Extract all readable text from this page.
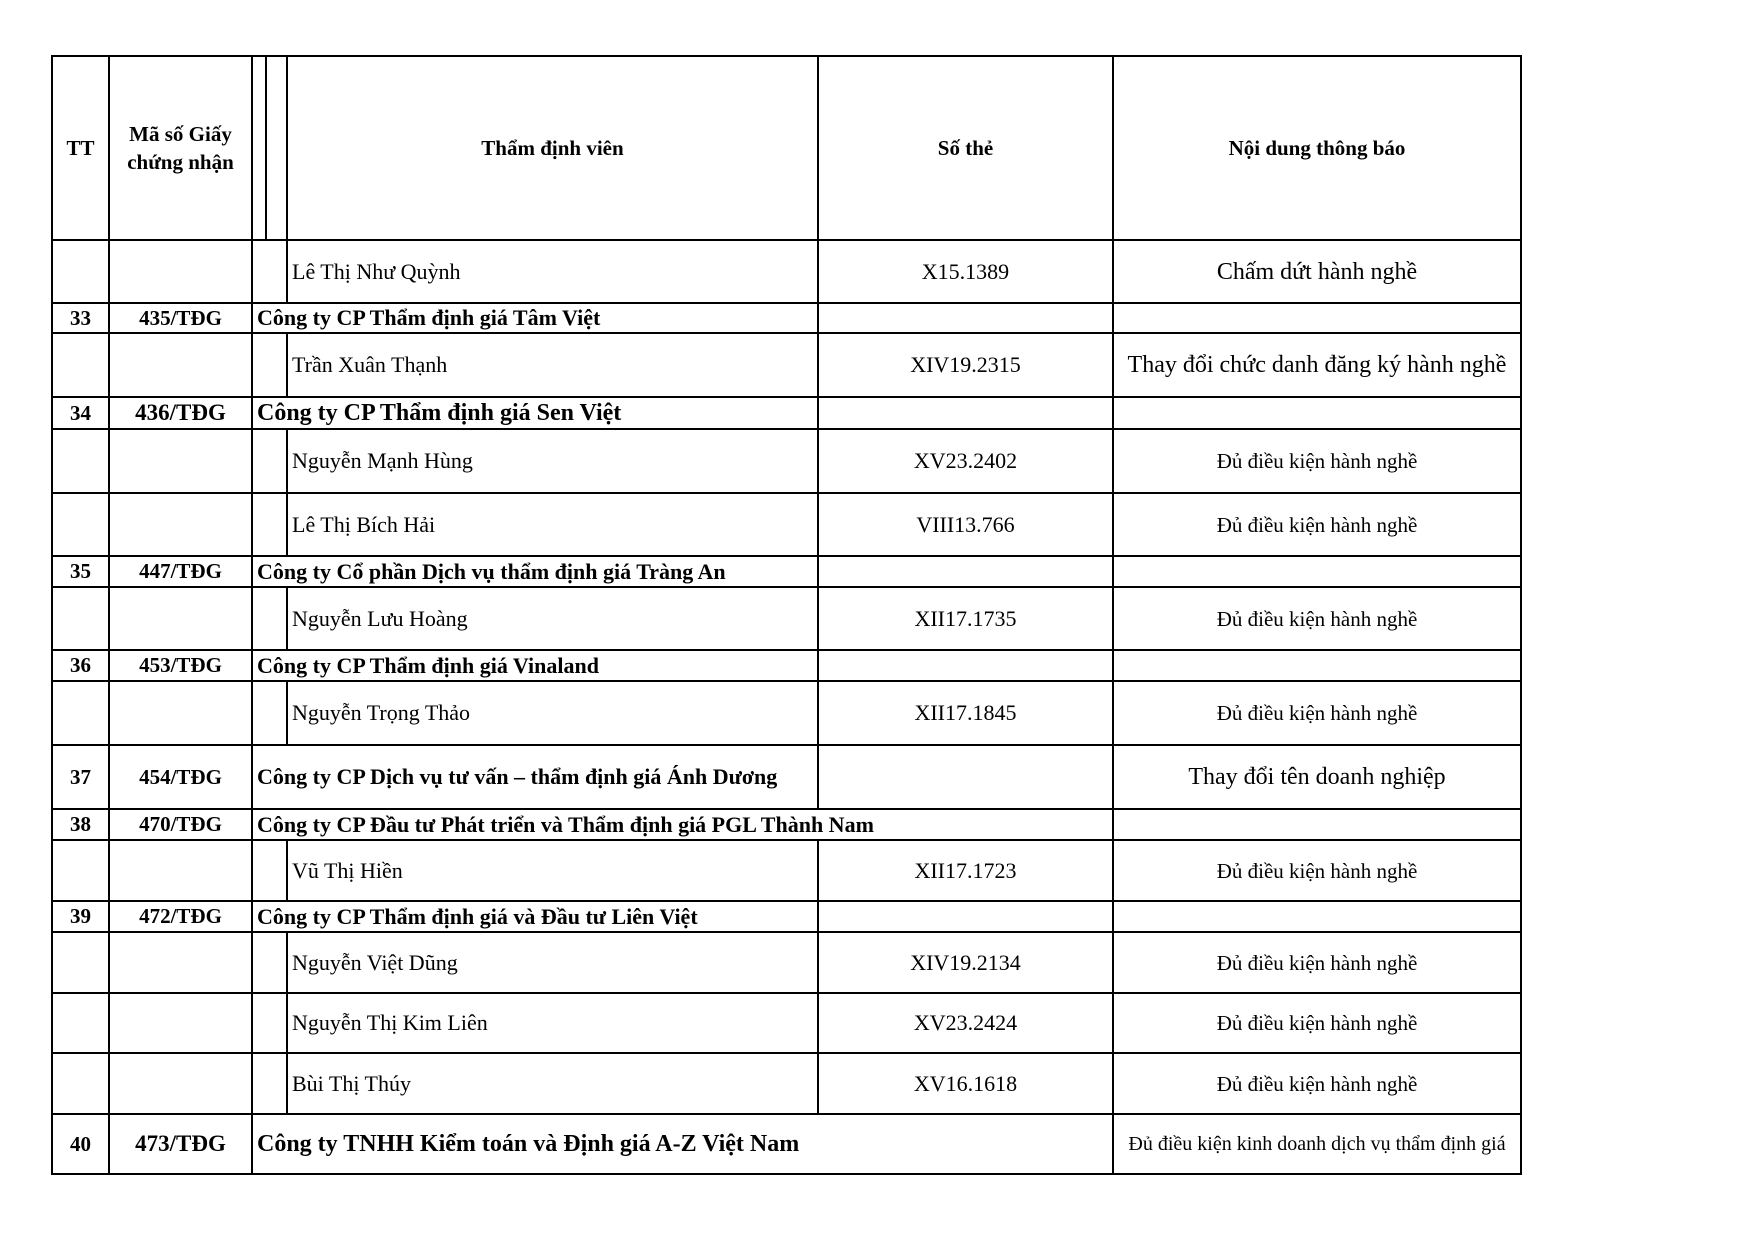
TT	Mã số Giấy chứng nhận			Thẩm định viên	Số thẻ	Nội dung thông báo
				Lê Thị Như Quỳnh	X15.1389	Chấm dứt hành nghề
33	435/TĐG	Công ty CP Thẩm định giá Tâm Việt				
				Trần Xuân Thạnh	XIV19.2315	Thay đổi chức danh đăng ký hành nghề
34	436/TĐG	Công ty CP Thẩm định giá Sen Việt				
				Nguyễn Mạnh Hùng	XV23.2402	Đủ điều kiện hành nghề
				Lê Thị Bích Hải	VIII13.766	Đủ điều kiện hành nghề
35	447/TĐG	Công ty Cổ phần Dịch vụ thẩm định giá Tràng An				
				Nguyễn Lưu Hoàng	XII17.1735	Đủ điều kiện hành nghề
36	453/TĐG	Công ty CP Thẩm định giá Vinaland				
				Nguyễn Trọng Thảo	XII17.1845	Đủ điều kiện hành nghề
37	454/TĐG	Công ty CP Dịch vụ tư vấn – thẩm định giá Ánh Dương				Thay đổi tên doanh nghiệp
38	470/TĐG	Công ty CP Đầu tư Phát triển và Thẩm định giá PGL Thành Nam				
				Vũ Thị Hiền	XII17.1723	Đủ điều kiện hành nghề
39	472/TĐG	Công ty CP Thẩm định giá và Đầu tư Liên Việt				
				Nguyễn Việt Dũng	XIV19.2134	Đủ điều kiện hành nghề
				Nguyễn Thị Kim Liên	XV23.2424	Đủ điều kiện hành nghề
				Bùi Thị Thúy	XV16.1618	Đủ điều kiện hành nghề
40	473/TĐG	Công ty TNHH Kiểm toán và Định giá A-Z Việt Nam				Đủ điều kiện kinh doanh dịch vụ thẩm định giá
